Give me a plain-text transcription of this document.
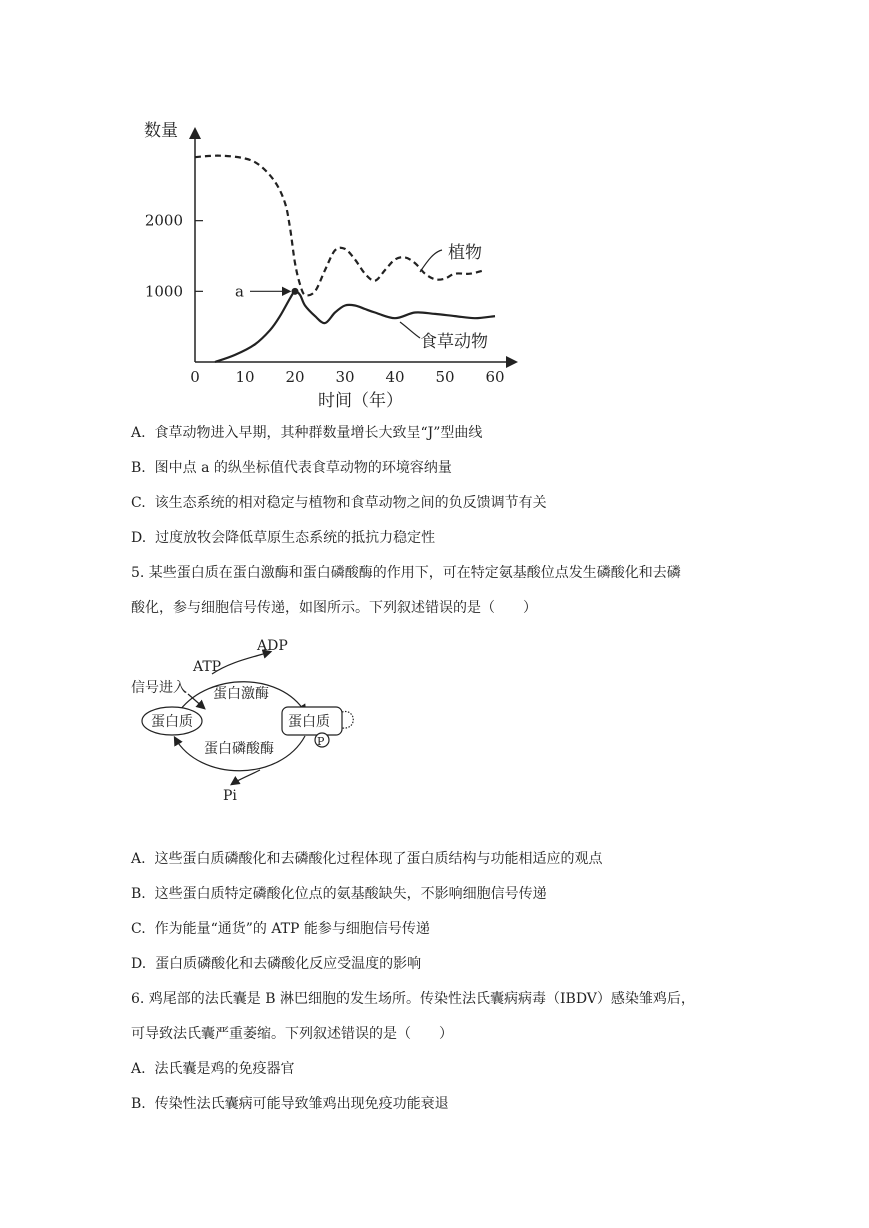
数量
时间（年）
1000
2000
0 10 20 30 40 50 60
a
植物
食草动物
A. 食草动物进入早期，其种群数量增长大致呈“J”型曲线
B. 图中点 a 的纵坐标值代表食草动物的环境容纳量
C. 该生态系统的相对稳定与植物和食草动物之间的负反馈调节有关
D. 过度放牧会降低草原生态系统的抵抗力稳定性
5. 某些蛋白质在蛋白激酶和蛋白磷酸酶的作用下，可在特定氨基酸位点发生磷酸化和去磷
酸化，参与细胞信号传递，如图所示。下列叙述错误的是（　　）
ADP
ATP
信号进入 蛋白激酶
蛋白质	蛋白质
P
蛋白磷酸酶
Pi
A. 这些蛋白质磷酸化和去磷酸化过程体现了蛋白质结构与功能相适应的观点
B. 这些蛋白质特定磷酸化位点的氨基酸缺失，不影响细胞信号传递
C. 作为能量“通货”的 ATP 能参与细胞信号传递
D. 蛋白质磷酸化和去磷酸化反应受温度的影响
6. 鸡尾部的法氏囊是 B 淋巴细胞的发生场所。传染性法氏囊病病毒（IBDV）感染雏鸡后，
可导致法氏囊严重萎缩。下列叙述错误的是（　　）
A. 法氏囊是鸡的免疫器官
B. 传染性法氏囊病可能导致雏鸡出现免疫功能衰退
